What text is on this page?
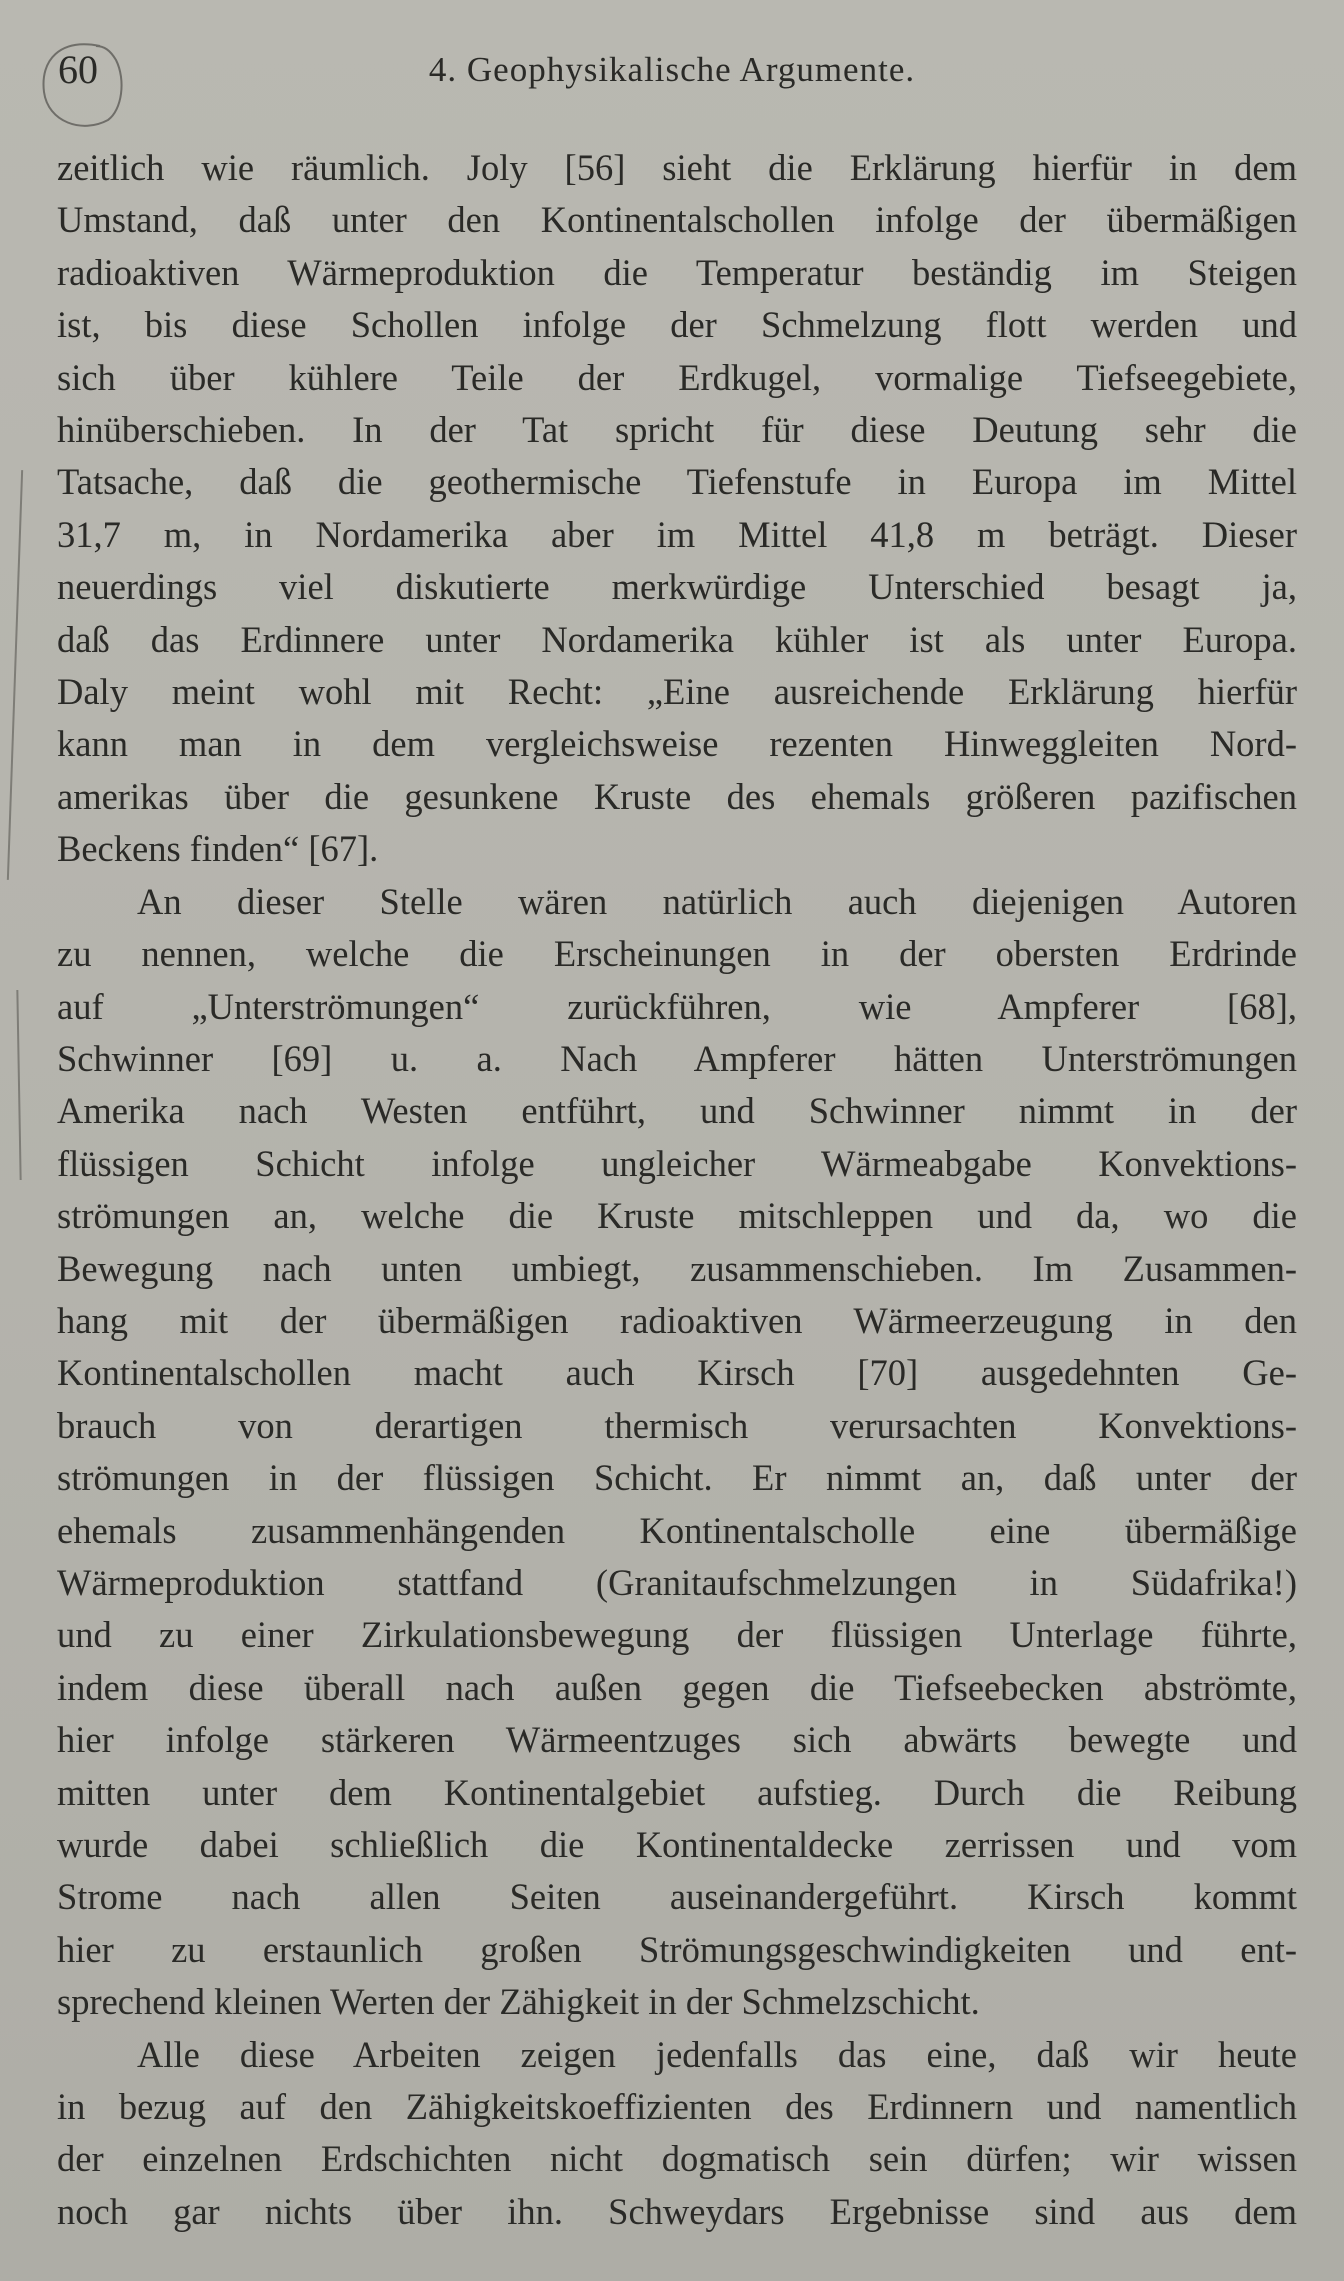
60	4. Geophysikalische Argumente.

zeitlich wie räumlich. Joly [56] sieht die Erklärung hierfür in dem
Umstand, daß unter den Kontinentalschollen infolge der übermäßigen
radioaktiven Wärmeproduktion die Temperatur beständig im Steigen
ist, bis diese Schollen infolge der Schmelzung flott werden und
sich über kühlere Teile der Erdkugel, vormalige Tiefseegebiete,
hinüberschieben. In der Tat spricht für diese Deutung sehr die
Tatsache, daß die geothermische Tiefenstufe in Europa im Mittel
31,7 m, in Nordamerika aber im Mittel 41,8 m beträgt. Dieser
neuerdings viel diskutierte merkwürdige Unterschied besagt ja,
daß das Erdinnere unter Nordamerika kühler ist als unter Europa.
Daly meint wohl mit Recht: „Eine ausreichende Erklärung hierfür
kann man in dem vergleichsweise rezenten Hinweggleiten Nord-
amerikas über die gesunkene Kruste des ehemals größeren pazifischen
Beckens finden“ [67].

An dieser Stelle wären natürlich auch diejenigen Autoren
zu nennen, welche die Erscheinungen in der obersten Erdrinde
auf „Unterströmungen“ zurückführen, wie Ampferer [68],
Schwinner [69] u. a. Nach Ampferer hätten Unterströmungen
Amerika nach Westen entführt, und Schwinner nimmt in der
flüssigen Schicht infolge ungleicher Wärmeabgabe Konvektions-
strömungen an, welche die Kruste mitschleppen und da, wo die
Bewegung nach unten umbiegt, zusammenschieben. Im Zusammen-
hang mit der übermäßigen radioaktiven Wärmeerzeugung in den
Kontinentalschollen macht auch Kirsch [70] ausgedehnten Ge-
brauch von derartigen thermisch verursachten Konvektions-
strömungen in der flüssigen Schicht. Er nimmt an, daß unter der
ehemals zusammenhängenden Kontinentalscholle eine übermäßige
Wärmeproduktion stattfand (Granitaufschmelzungen in Südafrika!)
und zu einer Zirkulationsbewegung der flüssigen Unterlage führte,
indem diese überall nach außen gegen die Tiefseebecken abströmte,
hier infolge stärkeren Wärmeentzuges sich abwärts bewegte und
mitten unter dem Kontinentalgebiet aufstieg. Durch die Reibung
wurde dabei schließlich die Kontinentaldecke zerrissen und vom
Strome nach allen Seiten auseinandergeführt. Kirsch kommt
hier zu erstaunlich großen Strömungsgeschwindigkeiten und ent-
sprechend kleinen Werten der Zähigkeit in der Schmelzschicht.

Alle diese Arbeiten zeigen jedenfalls das eine, daß wir heute
in bezug auf den Zähigkeitskoeffizienten des Erdinnern und namentlich
der einzelnen Erdschichten nicht dogmatisch sein dürfen; wir wissen
noch gar nichts über ihn. Schweydars Ergebnisse sind aus dem
